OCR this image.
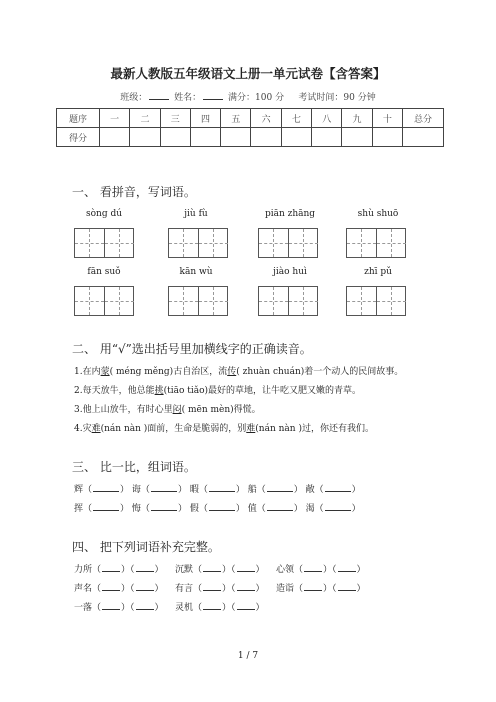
最新人教版五年级语文上册一单元试卷【含答案】
班级：	姓名：	满分：100 分 考试时间：90 分钟
题序	一	二	三	四	五	六	七	八	九	十	总分
得分											
一、 看拼音，写词语。
sòng dú	jiù fù	piān zhāng	shù shuō
fān suǒ	kān wù	jiào huì	zhī pǔ
二、 用“√”选出括号里加横线字的正确读音。
1.在内蒙( méng měng)古自治区，流传( zhuàn chuán)着一个动人的民间故事。
2.每天放牛，他总能挑(tiāo tiǎo)最好的草地，让牛吃又肥又嫩的青草。
3.他上山放牛，有时心里闷( mēn mèn)得慌。
4.灾难(nán nàn )面前，生命是脆弱的，别难(nán nàn )过，你还有我们。
三、 比一比，组词语。
辉（	） 诲（	） 暇（	） 船（	） 敞（	）
挥（	） 悔（	） 假（	） 值（	） 渴（	）
四、 把下列词语补充完整。
力所（ ）（ ）    沉默（ ）（ ）    心领（ ）（ ）
声名（ ）（ ）    有言（ ）（ ）    造诣（ ）（ ）
一落（ ）（ ）    灵机（ ）（ ）
1 / 7
